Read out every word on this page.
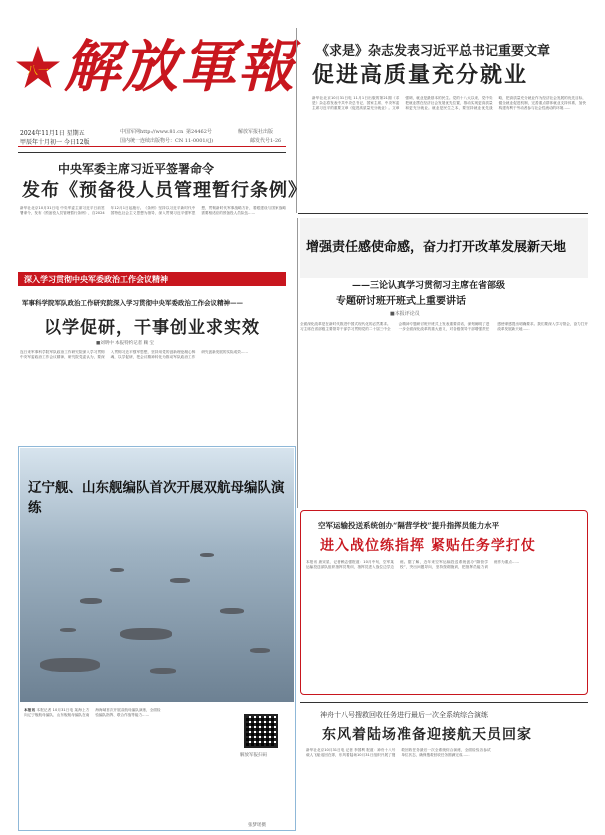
八一 解放軍報
2024年11月1日 星期五
甲辰年十月初一 今日12版
中国军网http://www.81.cn 第24462号
国内统一连续出版物号：CN 11-0001/(J)
解放军报社出版
邮发代号1-26
《求是》杂志发表习近平总书记重要文章
促进高质量充分就业
新华社北京10月31日电 11月1日出版的第21期《求是》杂志将发表中共中央总书记、国家主席、中央军委主席习近平的重要文章《促进高质量充分就业》。文章强调，就业是最基本的民生。党的十八大以来，党中央把就业摆在经济社会发展优先位置，推动实现更高质量和更充分就业。就业是民生之本，要坚持就业优先战略，把高质量充分就业作为经济社会发展的优先目标，健全就业促进机制，完善重点群体就业支持体系，加快构建有利于劳动者参与社会性流动的环境……
中央军委主席习近平签署命令
发布《预备役人员管理暂行条例》
新华社北京10月31日电 中央军委主席习近平日前签署命令，发布《预备役人员管理暂行条例》，自2024年12月1日起施行。《条例》坚持以习近平新时代中国特色社会主义思想为指导，深入贯彻习近平强军思想，贯彻新时代军事战略方针，着眼建设与国家战略需要相适应的预备役人员队伍……
深入学习贯彻中央军委政治工作会议精神
军事科学院军队政治工作研究院深入学习贯彻中央军委政治工作会议精神——
以学促研，干事创业求实效
■刘明中 本报特约记者 赖 宝
连日来军事科学院军队政治工作研究院深入学习贯彻中央军委政治工作会议精神，研究院党委认为，要深入贯彻习近平强军思想，坚持用党的创新理论凝心铸魂，以学促研，把会议精神转化为推动军队政治工作研究创新发展的实际成效……
辽宁舰、山东舰编队首次开展双航母编队演练
本报讯 本报记者 10月31日电 某海上方向辽宁舰航母编队、山东舰航母编队在南海海域首次开展双航母编队演练，全面检验编队指挥、联合作战等能力……
解放军报扫码
张梦瑶摄
增强责任感使命感，奋力打开改革发展新天地
——三论认真学习贯彻习主席在省部级
专题研讨班开班式上重要讲话
■本报评论员
全面深化改革是在新时代推进中国式现代化的必然要求。习主席在省部级主要领导干部学习贯彻党的二十届三中全会精神专题研讨班开班式上发表重要讲话，深刻阐明了进一步全面深化改革的重大意义，对各级领导干部增强责任感使命感提出明确要求。我们要深入学习领会，奋力打开改革发展新天地……
空军运输投送系统创办“隔营学校”提升指挥员能力水平
进入战位练指挥 紧贴任务学打仗
本报讯 唐宋星、记者赖志强报道：10月中旬，空军某运输投送部队组织指挥员集训，指挥员进入战位边学边练。据了解，近年来空军运输投送系统创办“隔营学校”，突出问题导向，坚持按纲施训，把指挥员能力训练作为重点……
神舟十八号搜救回收任务进行最后一次全系统综合演练
东风着陆场准备迎接航天员回家
新华社北京10月31日电 记者 李国利 报道：神舟十八号载人飞船返回在即，东风着陆场10月31日组织开展了搜救回收任务最后一次全系统综合演练，全面检验各参试单位状态，确保搜救回收任务圆满完成……
